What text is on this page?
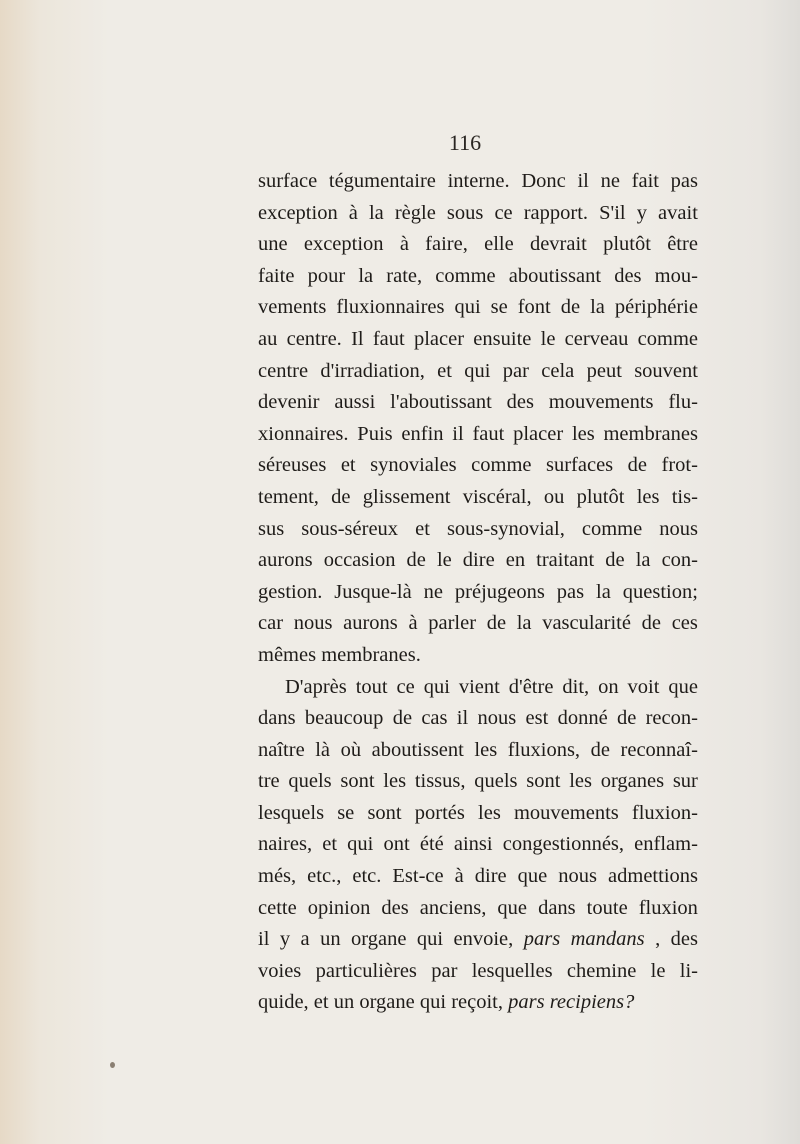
116
surface tégumentaire interne. Donc il ne fait pas
exception à la règle sous ce rapport. S'il y avait
une exception à faire, elle devrait plutôt être
faite pour la rate, comme aboutissant des mou-
vements fluxionnaires qui se font de la périphérie
au centre. Il faut placer ensuite le cerveau comme
centre d'irradiation, et qui par cela peut souvent
devenir aussi l'aboutissant des mouvements flu-
xionnaires. Puis enfin il faut placer les membranes
séreuses et synoviales comme surfaces de frot-
tement, de glissement viscéral, ou plutôt les tis-
sus sous-séreux et sous-synovial, comme nous
aurons occasion de le dire en traitant de la con-
gestion. Jusque-là ne préjugeons pas la question;
car nous aurons à parler de la vascularité de ces
mêmes
membranes.
D'après tout ce qui vient d'être dit, on voit que
dans beaucoup de cas il nous est donné de recon-
naître là où aboutissent les fluxions, de reconnaî-
tre quels sont les tissus, quels sont les organes sur
lesquels se sont portés les mouvements fluxion-
naires, et qui ont été ainsi congestionnés, enflam-
més, etc., etc. Est-ce à dire que nous admettions
cette opinion des anciens, que dans toute fluxion
il y a un organe qui envoie, pars mandans , des
voies particulières par lesquelles chemine le li-
quide,
et
un
organe
qui
reçoit,
pars
recipiens?
